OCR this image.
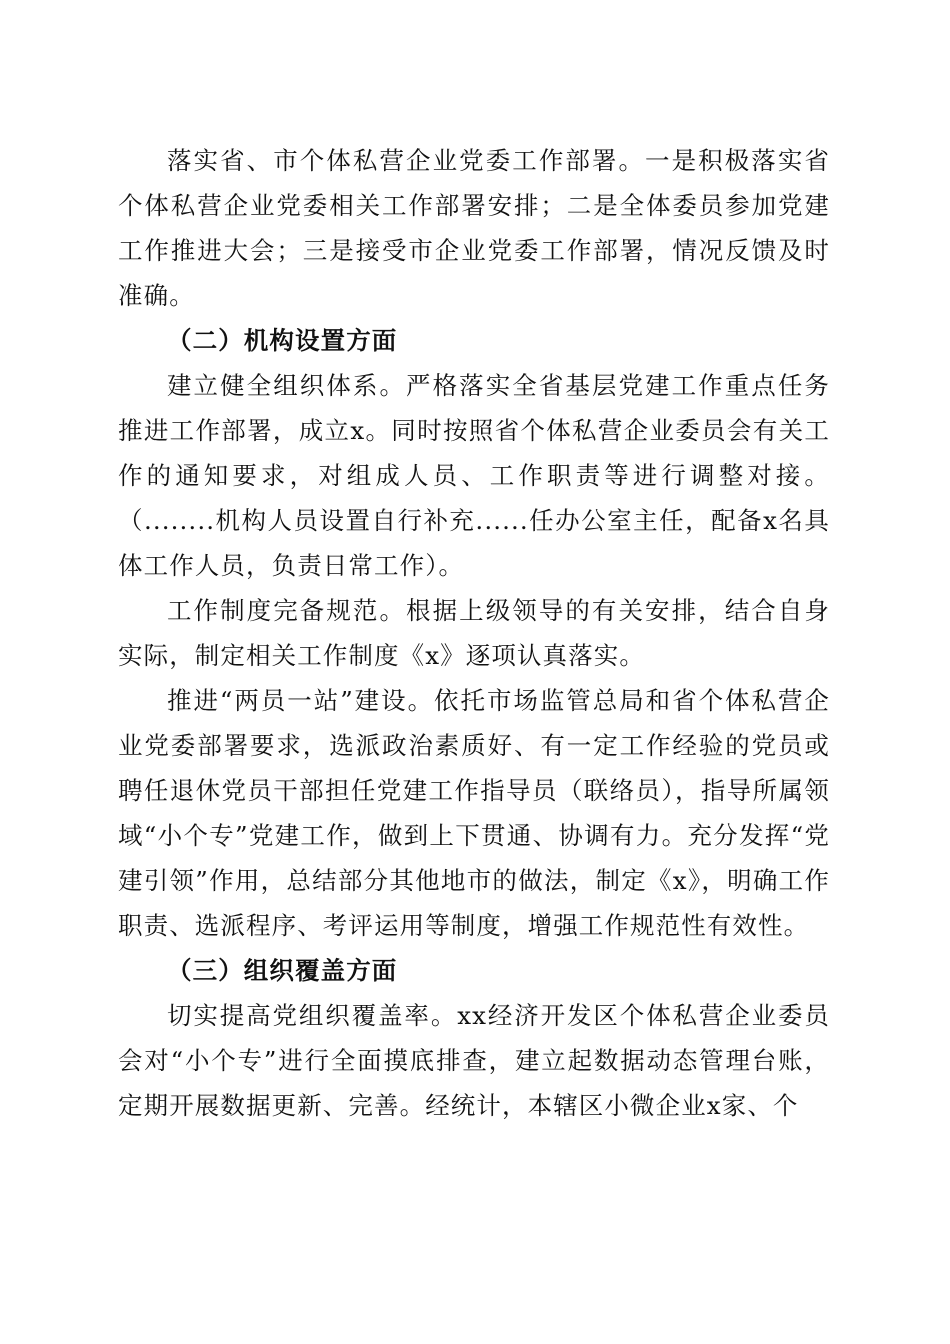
落实省、市个体私营企业党委工作部署。一是积极落实省个体私营企业党委相关工作部署安排；二是全体委员参加党建工作推进大会；三是接受市企业党委工作部署，情况反馈及时准确。

（二）机构设置方面

建立健全组织体系。严格落实全省基层党建工作重点任务推进工作部署，成立x。同时按照省个体私营企业委员会有关工作的通知要求，对组成人员、工作职责等进行调整对接。（........机构人员设置自行补充......任办公室主任，配备x名具体工作人员，负责日常工作）。

工作制度完备规范。根据上级领导的有关安排，结合自身实际，制定相关工作制度《x》逐项认真落实。

推进“两员一站”建设。依托市场监管总局和省个体私营企业党委部署要求，选派政治素质好、有一定工作经验的党员或聘任退休党员干部担任党建工作指导员（联络员），指导所属领域“小个专”党建工作，做到上下贯通、协调有力。充分发挥“党建引领”作用，总结部分其他地市的做法，制定《x》，明确工作职责、选派程序、考评运用等制度，增强工作规范性有效性。

（三）组织覆盖方面

切实提高党组织覆盖率。xx经济开发区个体私营企业委员会对“小个专”进行全面摸底排查，建立起数据动态管理台账，定期开展数据更新、完善。经统计，本辖区小微企业x家、个
